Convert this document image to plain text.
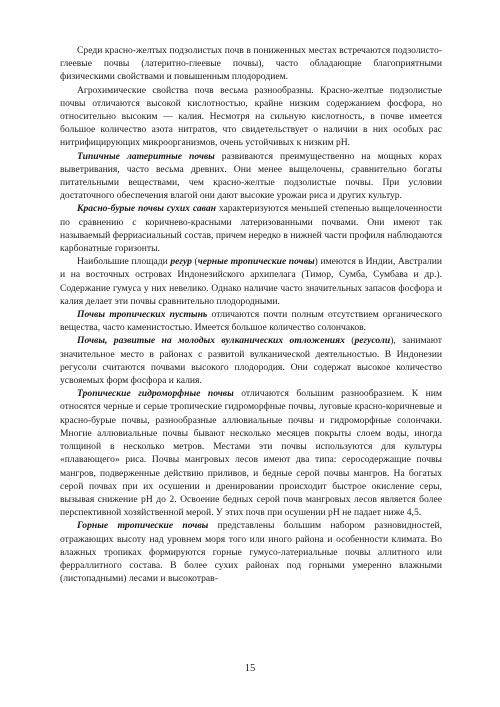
Среди красно-желтых подзолистых почв в пониженных местах встречаются подзолисто-глеевые почвы (латеритно-глеевые почвы), часто обладающие благоприятными физическими свойствами и повышенным плодородием.

Агрохимические свойства почв весьма разнообразны. Красно-желтые подзолистые почвы отличаются высокой кислотностью, крайне низким содержанием фосфора, но относительно высоким — калия. Несмотря на сильную кислотность, в почве имеется большое количество азота нитратов, что свидетельствует о наличии в них особых рас нитрифицирующих микроорганизмов, очень устойчивых к низким рН.

Типичные латеритные почвы развиваются преимущественно на мощных корах выветривания, часто весьма древних. Они менее выщелочены, сравнительно богаты питательными веществами, чем красно-желтые подзолистые почвы. При условии достаточного обеспечения влагой они дают высокие урожаи риса и других культур.

Красно-бурые почвы сухих саван характеризуются меньшей степенью выщелоченности по сравнению с коричнево-красными латеризованными почвами. Они имеют так называемый ферриасиальный состав, причем нередко в нижней части профиля наблюдаются карбонатные горизонты.

Наибольшие площади регур (черные тропические почвы) имеются в Индии, Австралии и на восточных островах Индонезийского архипелага (Тимор, Сумба, Сумбава и др.). Содержание гумуса у них невелико. Однако наличие часто значительных запасов фосфора и калия делает эти почвы сравнительно плодородными.

Почвы тропических пустынь отличаются почти полным отсутствием органического вещества, часто каменистостью. Имеется большое количество солончаков.

Почвы, развитые на молодых вулканических отложениях (регусоли), занимают значительное место в районах с развитой вулканической деятельностью. В Индонезии регусоли считаются почвами высокого плодородия. Они содержат высокое количество усвояемых форм фосфора и калия.

Тропические гидроморфные почвы отличаются большим разнообразием. К ним относятся черные и серые тропические гидроморфные почвы, луговые красно-коричневые и красно-бурые почвы, разнообразные аллювиальные почвы и гидроморфные солончаки. Многие аллювиальные почвы бывают несколько месяцев покрыты слоем воды, иногда толщиной в несколько метров. Местами эти почвы используются для культуры «плавающего» риса. Почвы мангровых лесов имеют два типа: серосодержащие почвы мангров, подверженные действию приливов, и бедные серой почвы мангров. На богатых серой почвах при их осушении и дренировании происходит быстрое окисление серы, вызывая снижение рН до 2. Освоение бедных серой почв мангровых лесов является более перспективной хозяйственной мерой. У этих почв при осушении рН не падает ниже 4,5.

Горные тропические почвы представлены большим набором разновидностей, отражающих высоту над уровнем моря того или иного района и особенности климата. Во влажных тропиках формируются горные гумусо-латериальные почвы аллитного или ферраллитного состава. В более сухих районах под горными умеренно влажными (листопадными) лесами и высокотрав-

15
